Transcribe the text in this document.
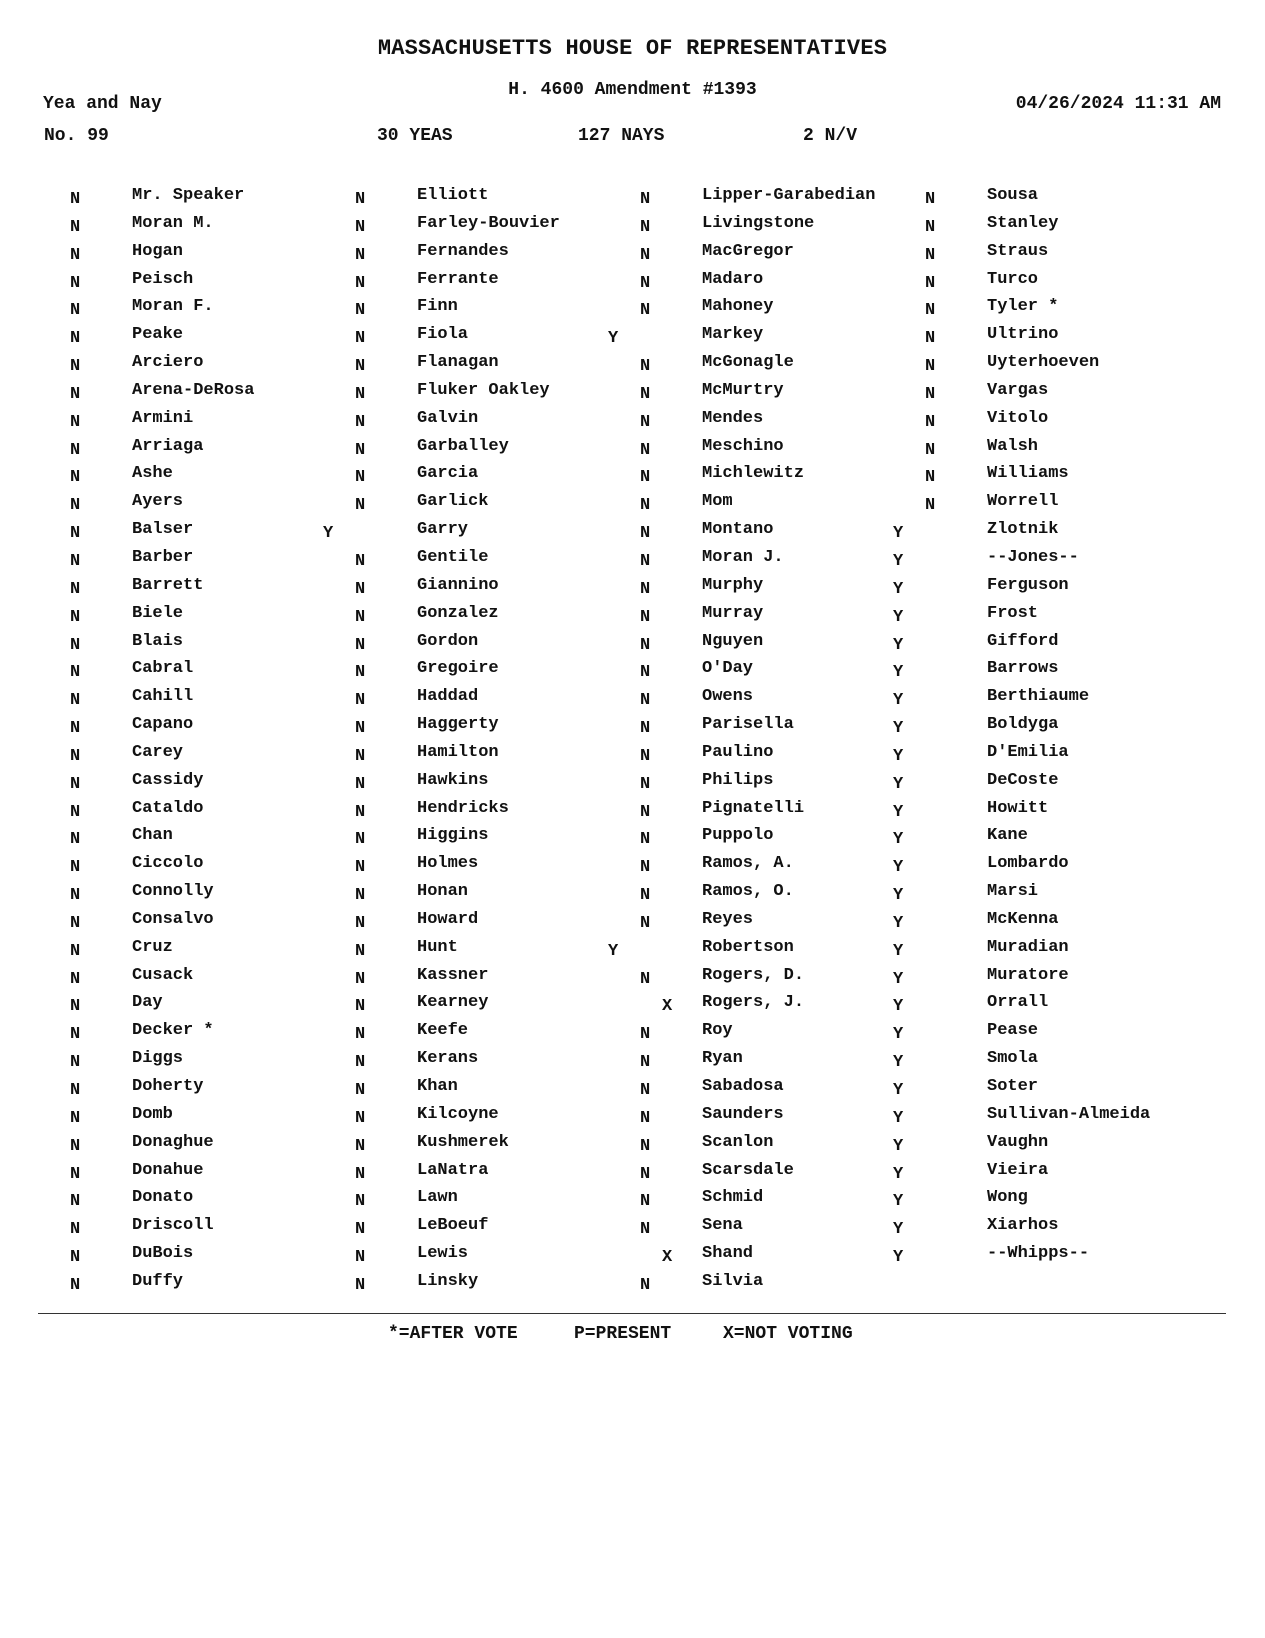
MASSACHUSETTS HOUSE OF REPRESENTATIVES
H. 4600 Amendment #1393
Yea and Nay	04/26/2024 11:31 AM
No. 99	30 YEAS	127 NAYS	2 N/V
N	Mr. Speaker
N	Moran M.
N	Hogan
N	Peisch
N	Moran F.
N	Peake
N	Arciero
N	Arena-DeRosa
N	Armini
N	Arriaga
N	Ashe
N	Ayers
N	Balser
N	Barber
N	Barrett
N	Biele
N	Blais
N	Cabral
N	Cahill
N	Capano
N	Carey
N	Cassidy
N	Cataldo
N	Chan
N	Ciccolo
N	Connolly
N	Consalvo
N	Cruz
N	Cusack
N	Day
N	Decker *
N	Diggs
N	Doherty
N	Domb
N	Donaghue
N	Donahue
N	Donato
N	Driscoll
N	DuBois
N	Duffy
N	Elliott
N	Farley-Bouvier
N	Fernandes
N	Ferrante
N	Finn
N	Fiola
N	Flanagan
N	Fluker Oakley
N	Galvin
N	Garballey
N	Garcia
N	Garlick
Y	Garry
N	Gentile
N	Giannino
N	Gonzalez
N	Gordon
N	Gregoire
N	Haddad
N	Haggerty
N	Hamilton
N	Hawkins
N	Hendricks
N	Higgins
N	Holmes
N	Honan
N	Howard
N	Hunt
N	Kassner
N	Kearney
N	Keefe
N	Kerans
N	Khan
N	Kilcoyne
N	Kushmerek
N	LaNatra
N	Lawn
N	LeBoeuf
N	Lewis
N	Linsky
N	Lipper-Garabedian
N	Livingstone
N	MacGregor
N	Madaro
N	Mahoney
Y	Markey
N	McGonagle
N	McMurtry
N	Mendes
N	Meschino
N	Michlewitz
N	Mom
N	Montano
N	Moran J.
N	Murphy
N	Murray
N	Nguyen
N	O'Day
N	Owens
N	Parisella
N	Paulino
N	Philips
N	Pignatelli
N	Puppolo
N	Ramos, A.
N	Ramos, O.
N	Reyes
Y	Robertson
N	Rogers, D.
X Rogers, J.
N	Roy
N	Ryan
N	Sabadosa
N	Saunders
N	Scanlon
N	Scarsdale
N	Schmid
N	Sena
X Shand
N	Silvia
N	Sousa
N	Stanley
N	Straus
N	Turco
N	Tyler *
N	Ultrino
N	Uyterhoeven
N	Vargas
N	Vitolo
N	Walsh
N	Williams
N	Worrell
Y	Zlotnik
Y	--Jones--
Y	Ferguson
Y	Frost
Y	Gifford
Y	Barrows
Y	Berthiaume
Y	Boldyga
Y	D'Emilia
Y	DeCoste
Y	Howitt
Y	Kane
Y	Lombardo
Y	Marsi
Y	McKenna
Y	Muradian
Y	Muratore
Y	Orrall
Y	Pease
Y	Smola
Y	Soter
Y	Sullivan-Almeida
Y	Vaughn
Y	Vieira
Y	Wong
Y	Xiarhos
Y	--Whipps--
*=AFTER VOTE	P=PRESENT	X=NOT VOTING
